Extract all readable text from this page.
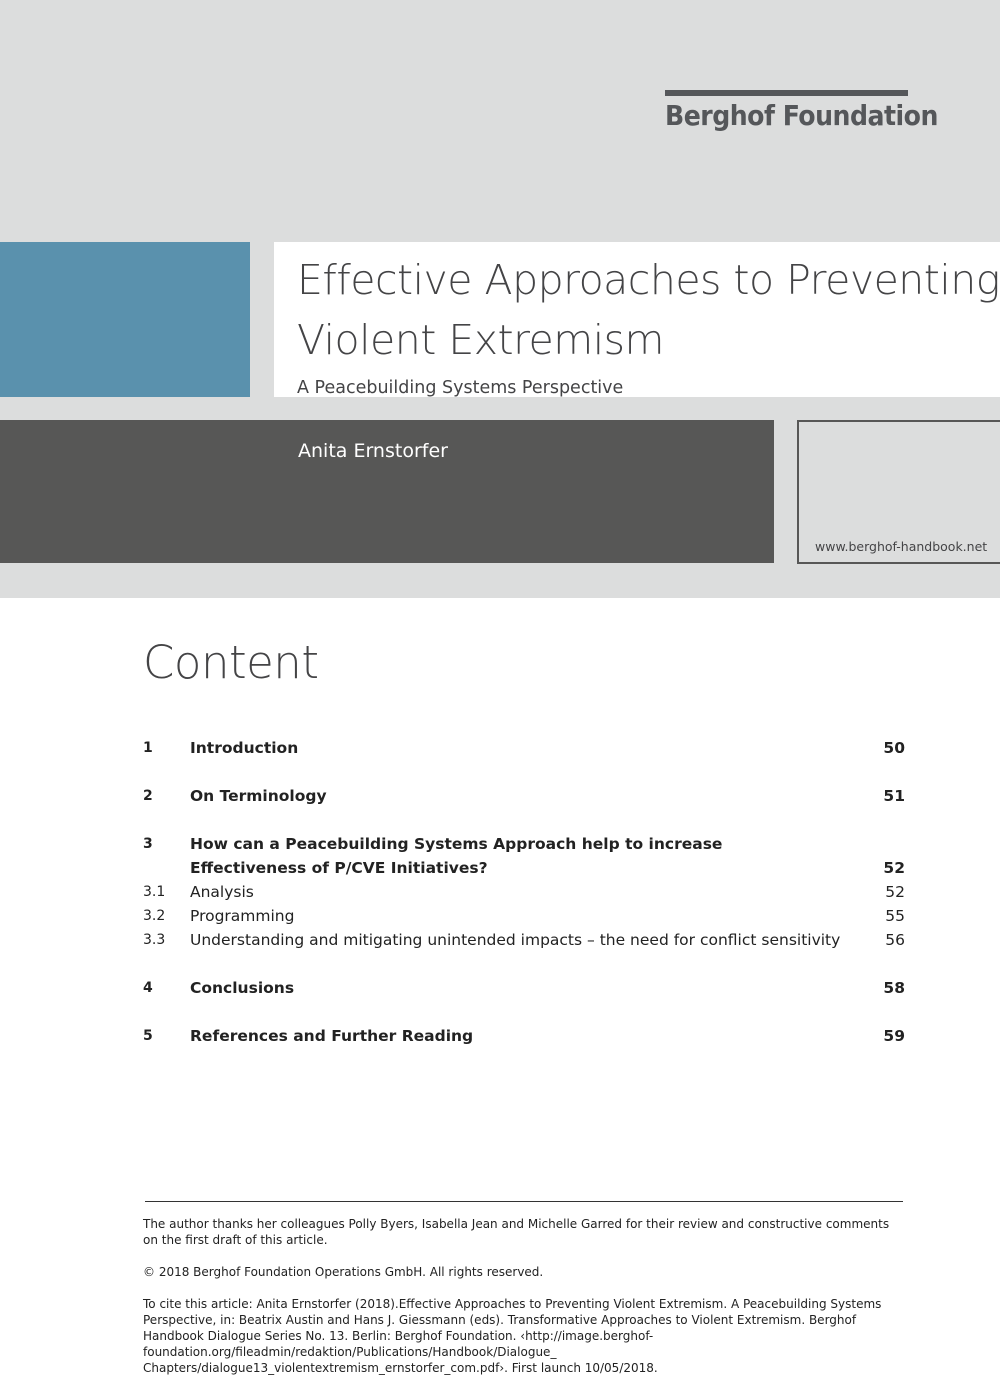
Berghof Foundation
Effective Approaches to Preventing Violent Extremism
A Peacebuilding Systems Perspective
Anita Ernstorfer
www.berghof-handbook.net
Content
1	Introduction	50
2	On Terminology	51
3	How can a Peacebuilding Systems Approach help to increase Effectiveness of P/CVE Initiatives?	52
3.1	Analysis	52
3.2	Programming	55
3.3	Understanding and mitigating unintended impacts – the need for conflict sensitivity	56
4	Conclusions	58
5	References and Further Reading	59

The author thanks her colleagues Polly Byers, Isabella Jean and Michelle Garred for their review and constructive comments on the first draft of this article.

© 2018 Berghof Foundation Operations GmbH. All rights reserved.

To cite this article: Anita Ernstorfer (2018).Effective Approaches to Preventing Violent Extremism. A Peacebuilding Systems Perspective, in: Beatrix Austin and Hans J. Giessmann (eds). Transformative Approaches to Violent Extremism. Berghof Handbook Dialogue Series No. 13. Berlin: Berghof Foundation. ‹http://image.berghof-foundation.org/fileadmin/redaktion/Publications/Handbook/Dialogue_ Chapters/dialogue13_violentextremism_ernstorfer_com.pdf›. First launch 10/05/2018.
